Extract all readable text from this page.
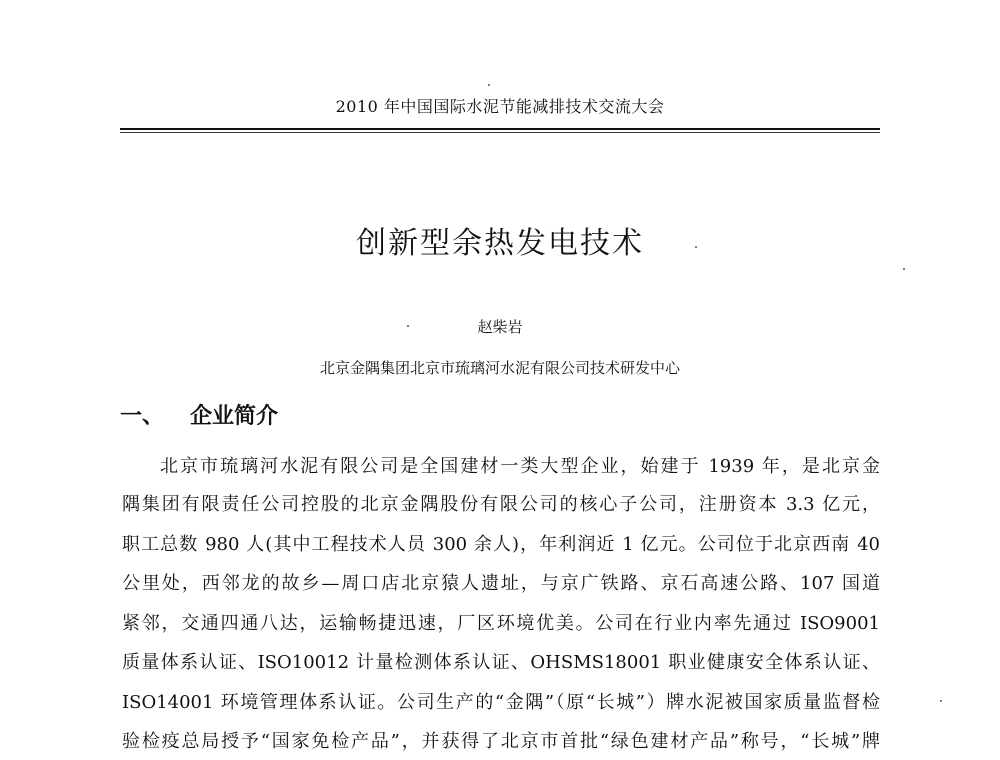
2010 年中国国际水泥节能减排技术交流大会
创新型余热发电技术
赵柴岩
北京金隅集团北京市琉璃河水泥有限公司技术研发中心
一、 企业简介
北京市琉璃河水泥有限公司是全国建材一类大型企业，始建于 1939 年，是北京金
隅集团有限责任公司控股的北京金隅股份有限公司的核心子公司，注册资本 3.3 亿元，
职工总数 980 人(其中工程技术人员 300 余人)，年利润近 1 亿元。公司位于北京西南 40
公里处，西邻龙的故乡—周口店北京猿人遗址，与京广铁路、京石高速公路、107 国道
紧邻，交通四通八达，运输畅捷迅速，厂区环境优美。公司在行业内率先通过 ISO9001
质量体系认证、ISO10012 计量检测体系认证、OHSMS18001 职业健康安全体系认证、
ISO14001 环境管理体系认证。公司生产的“金隅”（原“长城”）牌水泥被国家质量监督检
验检疫总局授予“国家免检产品”，并获得了北京市首批“绿色建材产品”称号，“长城”牌
